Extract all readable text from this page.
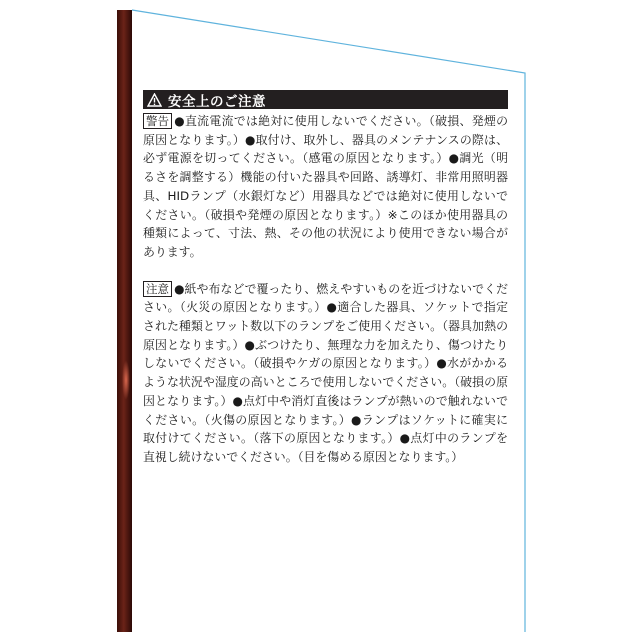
安全上のご注意

警告 ●直流電流では絶対に使用しないでください。（破損、発煙の原因となります。）●取付け、取外し、器具のメンテナンスの際は、必ず電源を切ってください。（感電の原因となります。）●調光（明るさを調整する）機能の付いた器具や回路、誘導灯、非常用照明器具、HIDランプ（水銀灯など）用器具などでは絶対に使用しないでください。（破損や発煙の原因となります。）※このほか使用器具の種類によって、寸法、熱、その他の状況により使用できない場合があります。

注意 ●紙や布などで覆ったり、燃えやすいものを近づけないでください。（火災の原因となります。）●適合した器具、ソケットで指定された種類とワット数以下のランプをご使用ください。（器具加熱の原因となります。）●ぶつけたり、無理な力を加えたり、傷つけたりしないでください。（破損やケガの原因となります。）●水がかかるような状況や湿度の高いところで使用しないでください。（破損の原因となります。）●点灯中や消灯直後はランプが熱いので触れないでください。（火傷の原因となります。）●ランプはソケットに確実に取付けてください。（落下の原因となります。）●点灯中のランプを直視し続けないでください。（目を傷める原因となります。）
